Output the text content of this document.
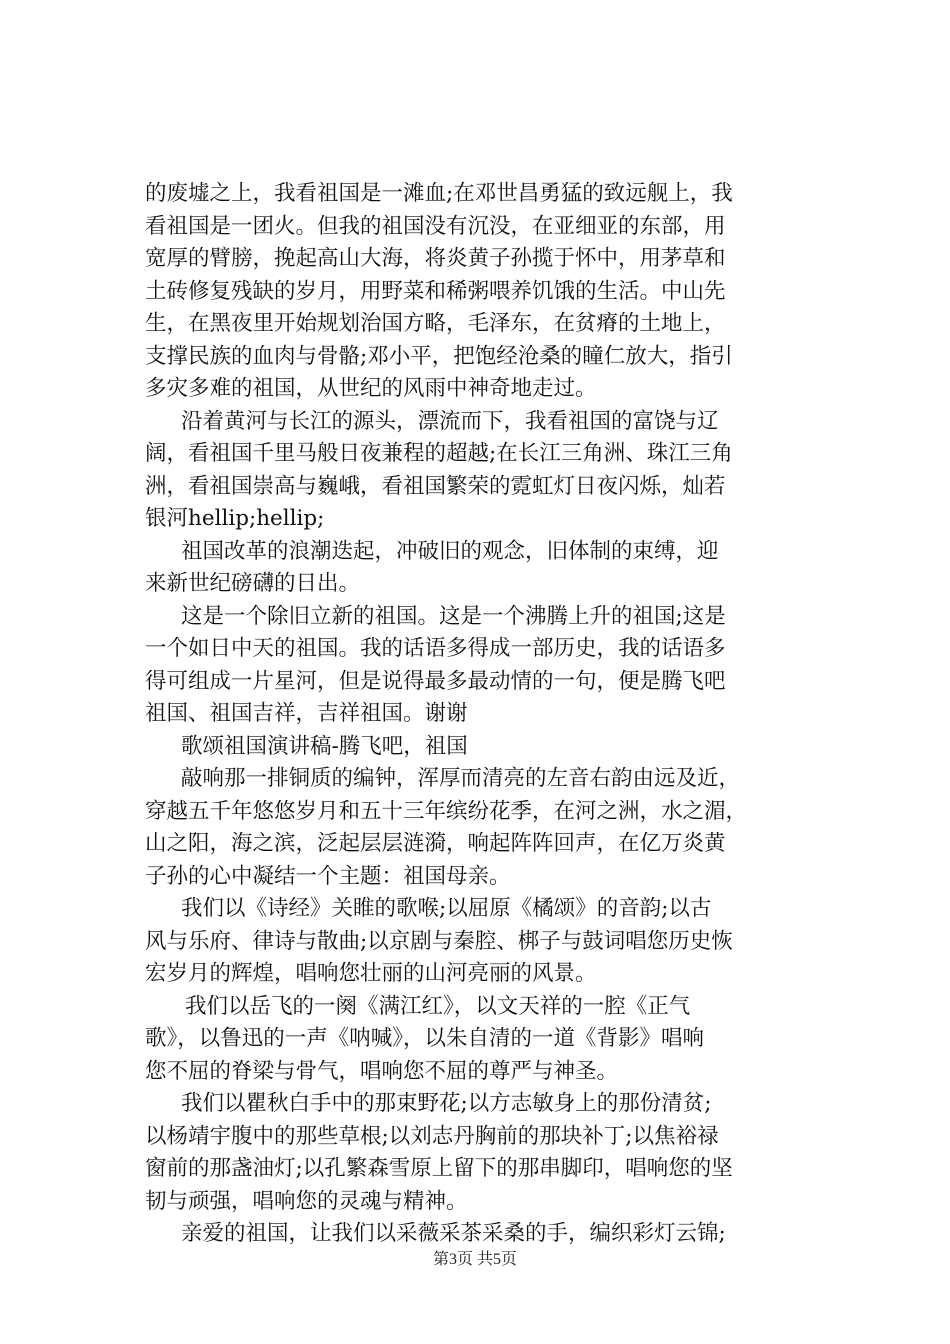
的废墟之上，我看祖国是一滩血;在邓世昌勇猛的致远舰上，我
看祖国是一团火。但我的祖国没有沉没，在亚细亚的东部，用
宽厚的臂膀，挽起高山大海，将炎黄子孙揽于怀中，用茅草和
土砖修复残缺的岁月，用野菜和稀粥喂养饥饿的生活。中山先
生，在黑夜里开始规划治国方略，毛泽东，在贫瘠的土地上，
支撑民族的血肉与骨骼;邓小平，把饱经沧桑的瞳仁放大，指引
多灾多难的祖国，从世纪的风雨中神奇地走过。
沿着黄河与长江的源头，漂流而下，我看祖国的富饶与辽
阔，看祖国千里马般日夜兼程的超越;在长江三角洲、珠江三角
洲，看祖国崇高与巍峨，看祖国繁荣的霓虹灯日夜闪烁，灿若
银河hellip;hellip;
祖国改革的浪潮迭起，冲破旧的观念，旧体制的束缚，迎
来新世纪磅礴的日出。
这是一个除旧立新的祖国。这是一个沸腾上升的祖国;这是
一个如日中天的祖国。我的话语多得成一部历史，我的话语多
得可组成一片星河，但是说得最多最动情的一句，便是腾飞吧
祖国、祖国吉祥，吉祥祖国。谢谢
歌颂祖国演讲稿-腾飞吧，祖国
敲响那一排铜质的编钟，浑厚而清亮的左音右韵由远及近，
穿越五千年悠悠岁月和五十三年缤纷花季，在河之洲，水之湄，
山之阳，海之滨，泛起层层涟漪，响起阵阵回声，在亿万炎黄
子孙的心中凝结一个主题：祖国母亲。
我们以《诗经》关睢的歌喉;以屈原《橘颂》的音韵;以古
风与乐府、律诗与散曲;以京剧与秦腔、梆子与鼓词唱您历史恢
宏岁月的辉煌，唱响您壮丽的山河亮丽的风景。
我们以岳飞的一阕《满江红》，以文天祥的一腔《正气
歌》，以鲁迅的一声《呐喊》，以朱自清的一道《背影》唱响
您不屈的脊梁与骨气，唱响您不屈的尊严与神圣。
我们以瞿秋白手中的那束野花;以方志敏身上的那份清贫;
以杨靖宇腹中的那些草根;以刘志丹胸前的那块补丁;以焦裕禄
窗前的那盏油灯;以孔繁森雪原上留下的那串脚印，唱响您的坚
韧与顽强，唱响您的灵魂与精神。
亲爱的祖国，让我们以采薇采茶采桑的手，编织彩灯云锦;
第3页 共5页
